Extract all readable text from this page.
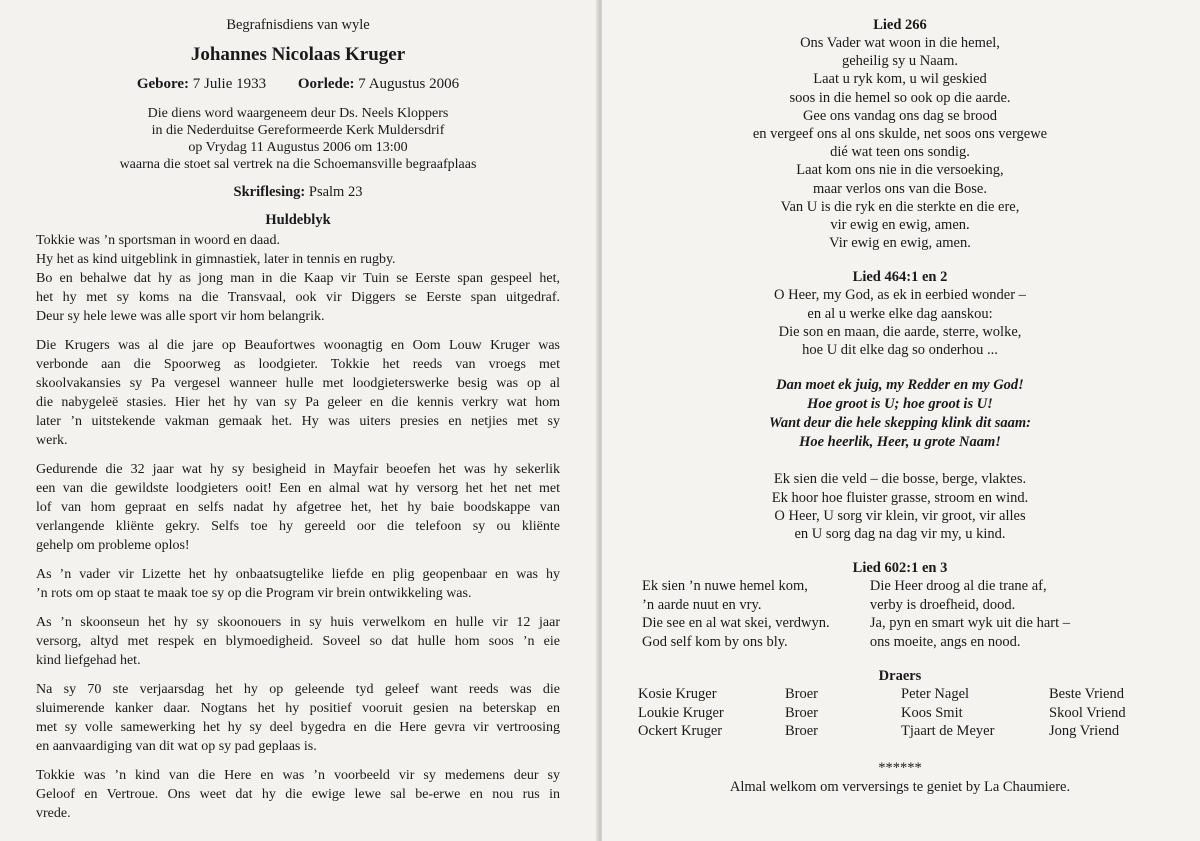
Begrafnisdiens van wyle
Johannes Nicolaas Kruger
Gebore: 7 Julie 1933 Oorlede: 7 Augustus 2006
Die diens word waargeneem deur Ds. Neels Kloppers
in die Nederduitse Gereformeerde Kerk Muldersdrif
op Vrydag 11 Augustus 2006 om 13:00
waarna die stoet sal vertrek na die Schoemansville begraafplaas
Skriflesing: Psalm 23
Huldeblyk
Tokkie was ’n sportsman in woord en daad.
Hy het as kind uitgeblink in gimnastiek, later in tennis en rugby.
Bo en behalwe dat hy as jong man in die Kaap vir Tuin se Eerste span gespeel het,
het hy met sy koms na die Transvaal, ook vir Diggers se Eerste span uitgedraf.
Deur sy hele lewe was alle sport vir hom belangrik.
Die Krugers was al die jare op Beaufortwes woonagtig en Oom Louw Kruger was
verbonde aan die Spoorweg as loodgieter. Tokkie het reeds van vroegs met
skoolvakansies sy Pa vergesel wanneer hulle met loodgieterswerke besig was op al
die nabygeleë stasies. Hier het hy van sy Pa geleer en die kennis verkry wat hom
later ’n uitstekende vakman gemaak het. Hy was uiters presies en netjies met sy
werk.
Gedurende die 32 jaar wat hy sy besigheid in Mayfair beoefen het was hy sekerlik
een van die gewildste loodgieters ooit! Een en almal wat hy versorg het het net met
lof van hom gepraat en selfs nadat hy afgetree het, het hy baie boodskappe van
verlangende kliënte gekry. Selfs toe hy gereeld oor die telefoon sy ou kliënte
gehelp om probleme oplos!
As ’n vader vir Lizette het hy onbaatsugtelike liefde en plig geopenbaar en was hy
’n rots om op staat te maak toe sy op die Program vir brein ontwikkeling was.
As ’n skoonseun het hy sy skoonouers in sy huis verwelkom en hulle vir 12 jaar
versorg, altyd met respek en blymoedigheid. Soveel so dat hulle hom soos ’n eie
kind liefgehad het.
Na sy 70 ste verjaarsdag het hy op geleende tyd geleef want reeds was die
sluimerende kanker daar. Nogtans het hy positief vooruit gesien na beterskap en
met sy volle samewerking het hy sy deel bygedra en die Here gevra vir vertroosing
en aanvaardiging van dit wat op sy pad geplaas is.
Tokkie was ’n kind van die Here en was ’n voorbeeld vir sy medemens deur sy
Geloof en Vertroue. Ons weet dat hy die ewige lewe sal be-erwe en nou rus in
vrede.
Lied 266
Ons Vader wat woon in die hemel,
geheilig sy u Naam.
Laat u ryk kom, u wil geskied
soos in die hemel so ook op die aarde.
Gee ons vandag ons dag se brood
en vergeef ons al ons skulde, net soos ons vergewe
dié wat teen ons sondig.
Laat kom ons nie in die versoeking,
maar verlos ons van die Bose.
Van U is die ryk en die sterkte en die ere,
vir ewig en ewig, amen.
Vir ewig en ewig, amen.
Lied 464:1 en 2
O Heer, my God, as ek in eerbied wonder –
en al u werke elke dag aanskou:
Die son en maan, die aarde, sterre, wolke,
hoe U dit elke dag so onderhou ...
Dan moet ek juig, my Redder en my God!
Hoe groot is U; hoe groot is U!
Want deur die hele skepping klink dit saam:
Hoe heerlik, Heer, u grote Naam!
Ek sien die veld – die bosse, berge, vlaktes.
Ek hoor hoe fluister grasse, stroom en wind.
O Heer, U sorg vir klein, vir groot, vir alles
en U sorg dag na dag vir my, u kind.
Lied 602:1 en 3
Ek sien ’n nuwe hemel kom,
’n aarde nuut en vry.
Die see en al wat skei, verdwyn.
God self kom by ons bly.
Die Heer droog al die trane af,
verby is droefheid, dood.
Ja, pyn en smart wyk uit die hart –
ons moeite, angs en nood.
Draers
Kosie Kruger	Broer	Peter Nagel	Beste Vriend
Loukie Kruger	Broer	Koos Smit	Skool Vriend
Ockert Kruger	Broer	Tjaart de Meyer	Jong Vriend
******
Almal welkom om verversings te geniet by La Chaumiere.
